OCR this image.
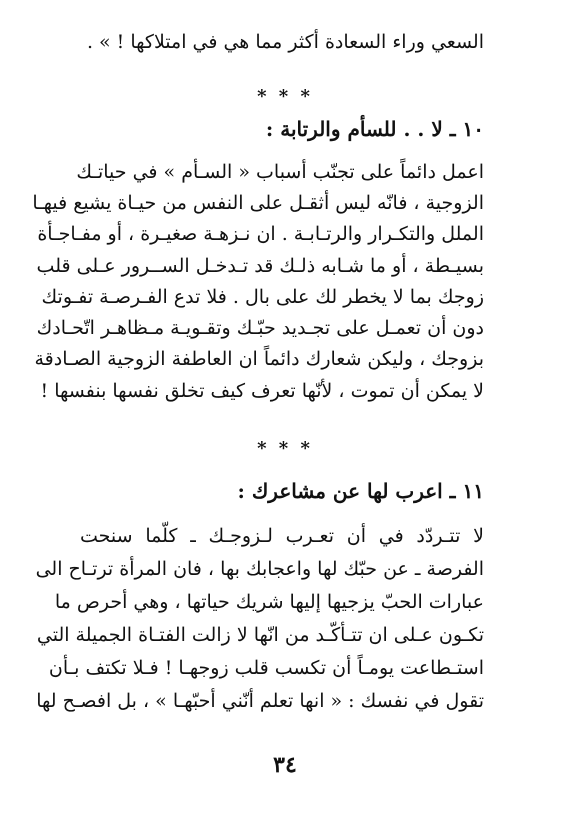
السعي وراء السعادة أكثر مما هي في امتلاكها ! » .
* * *
١٠ ـ لا . . للسأم والرتابة :
اعمل دائماً على تجنّب أسباب « السـأم » في حياتـك
الزوجية ، فانّه ليس أثقـل على النفس من حيـاة يشيع فيهـا
الملل والتكـرار والرتـابـة . ان نـزهـة صغيـرة ، أو مفـاجـأة
بسيـطة ، أو ما شـابه ذلـك قد تـدخـل الســرور عـلى قلب
زوجك بما لا يخطر لك على بال . فلا تدع الفـرصـة تفـوتك
دون أن تعمـل على تجـديد حبّـك وتقـويـة مـظاهـر اتّحـادك
بزوجك ، وليكن شعارك دائماً ان العاطفة الزوجية الصـادقة
لا يمكن أن تموت ، لأنّها تعرف كيف تخلق نفسها بنفسها !
* * *
١١ ـ اعرب لها عن مشاعرك :
لا تتـردّد في أن تعـرب لـزوجـك ـ كلّما سنحت
الفرصة ـ عن حبّك لها واعجابك بها ، فان المرأة ترتـاح الى
عبارات الحبّ يزجيها إليها شريك حياتها ، وهي أحرص ما
تكـون عـلى ان تتـأكّـد من انّها لا زالت الفتـاة الجميلة التي
استـطاعت يومـاً أن تكسب قلب زوجهـا ! فـلا تكتف بـأن
تقول في نفسك : « انها تعلم أنّني أحبّهـا » ، بل افصـح لها
٣٤
